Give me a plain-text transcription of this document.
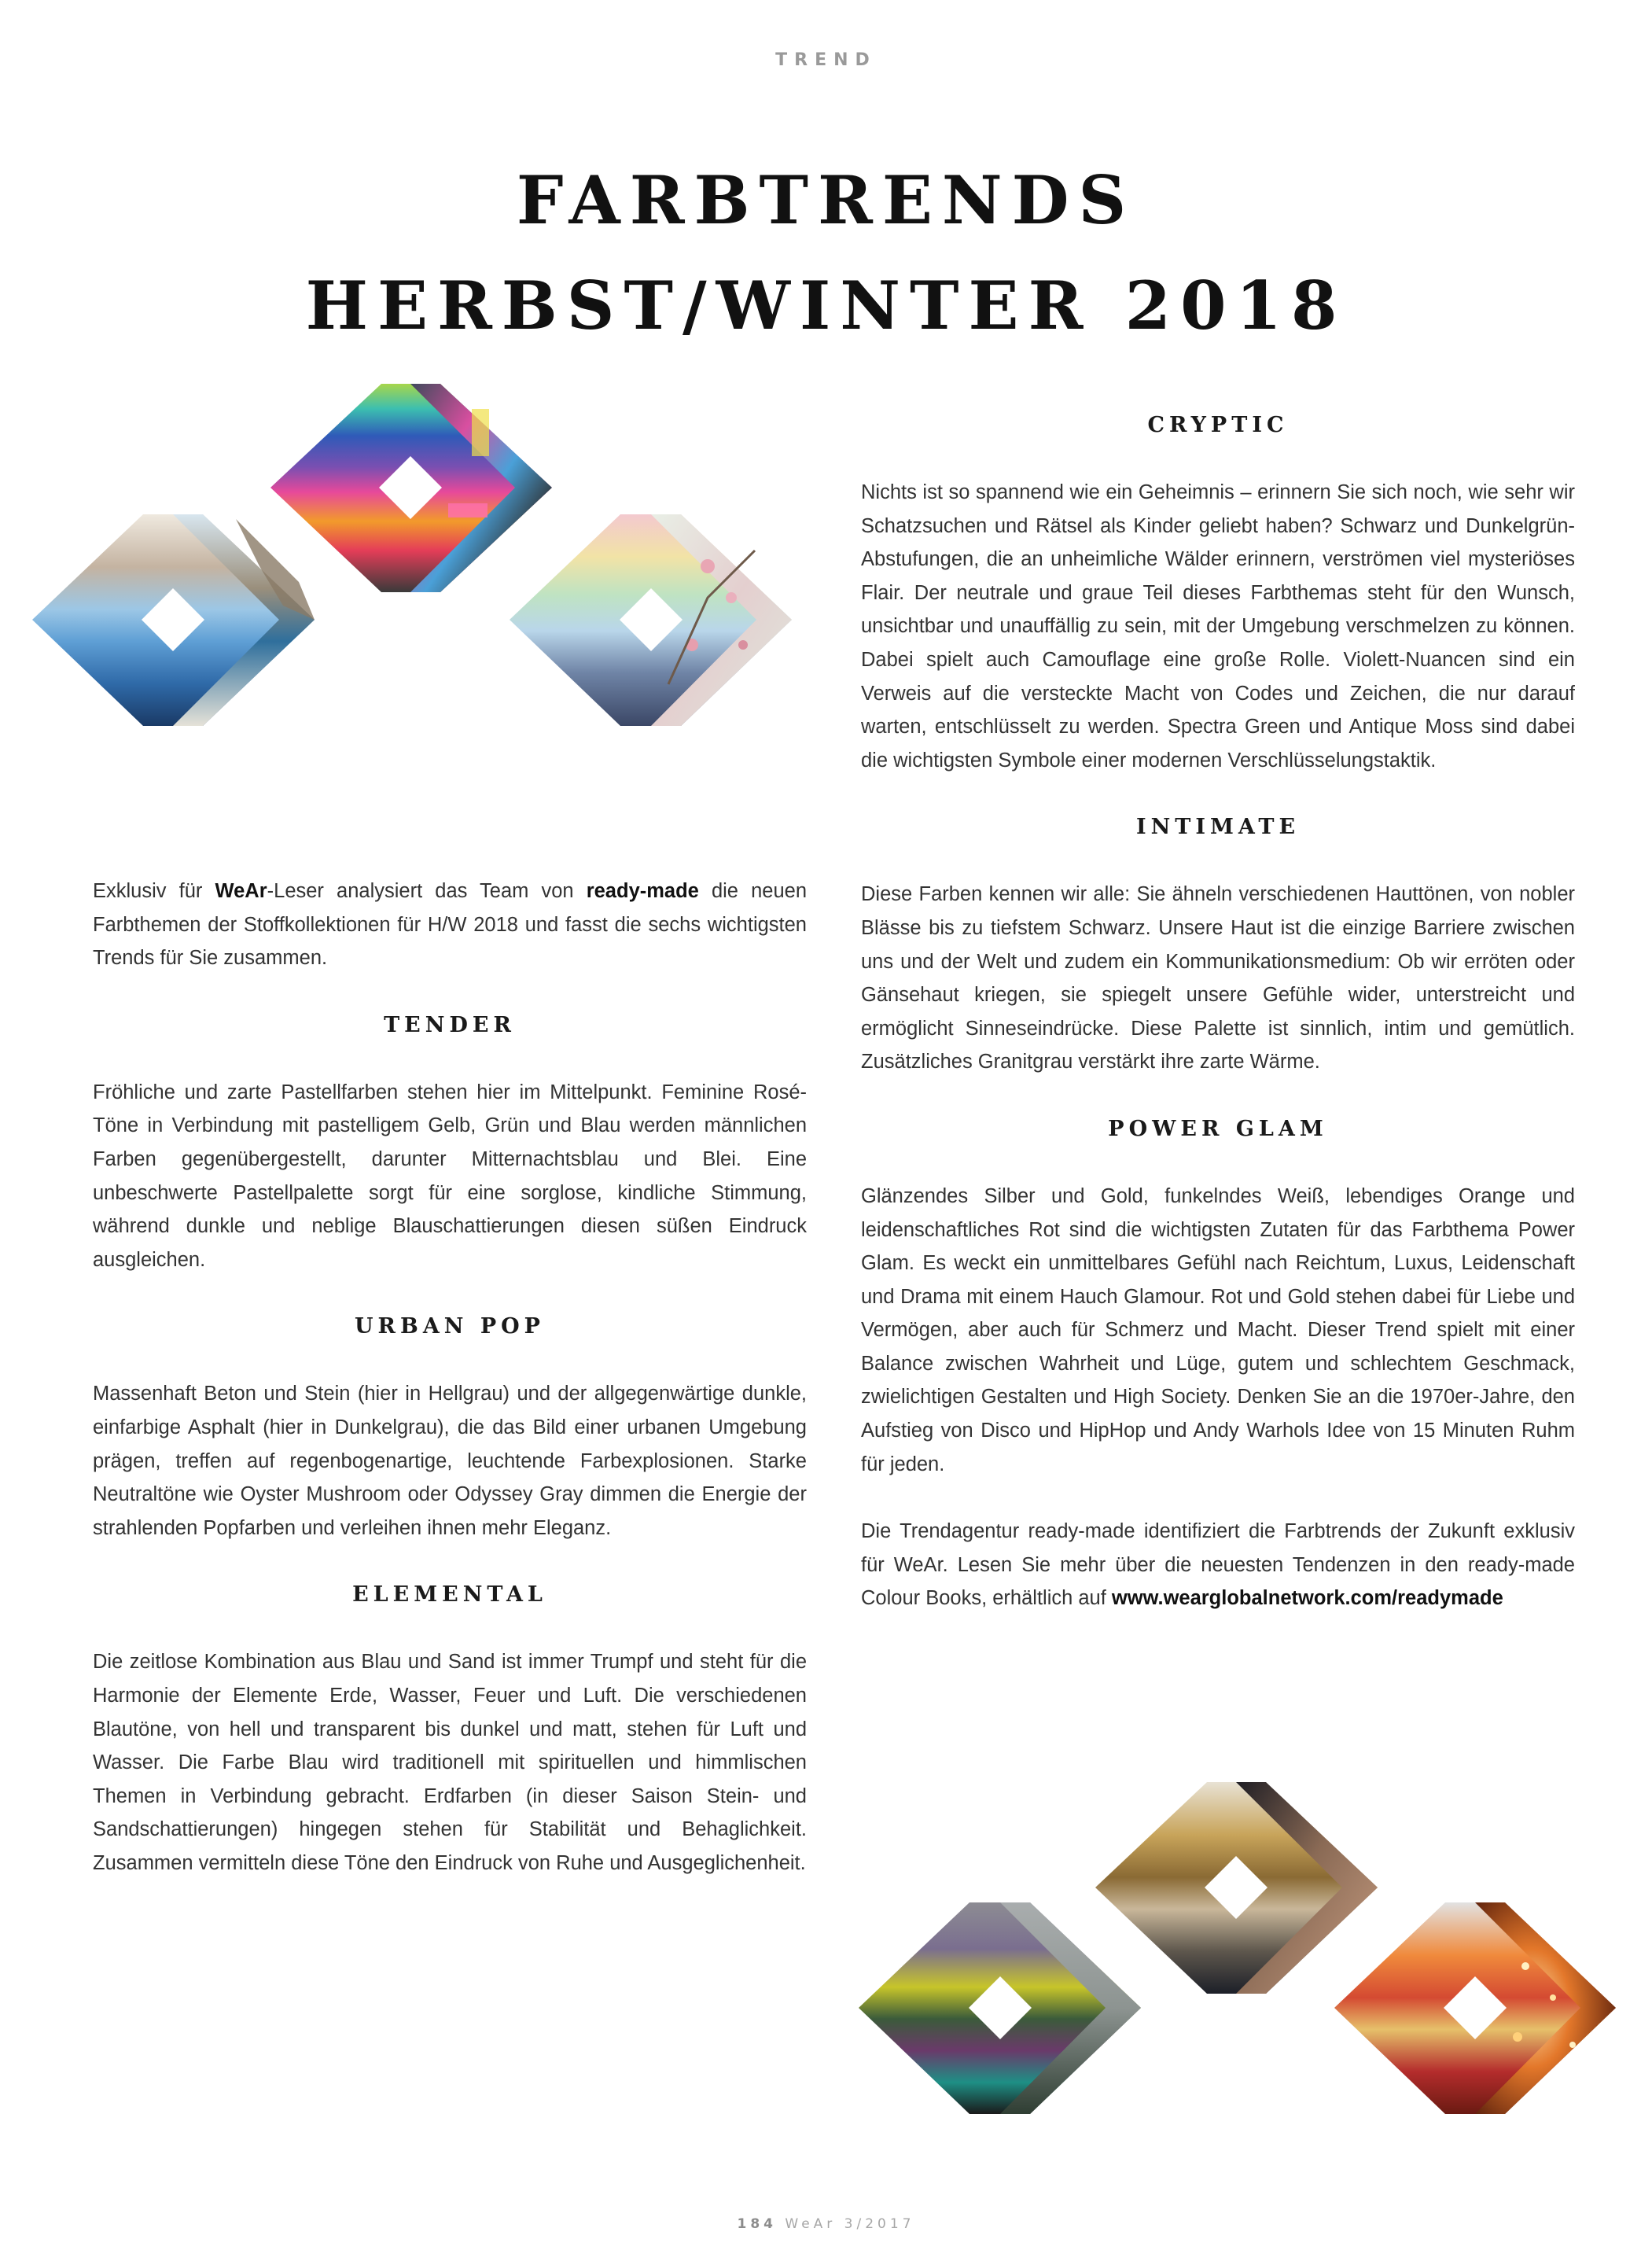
TREND
FARBTRENDS
HERBST/WINTER 2018

Exklusiv für WeAr-Leser analysiert das Team von ready-made die neuen Farbthemen der Stoffkollektionen für H/W 2018 und fasst die sechs wichtigsten Trends für Sie zusammen.

TENDER

Fröhliche und zarte Pastellfarben stehen hier im Mittelpunkt. Feminine Rosé-Töne in Verbindung mit pastelligem Gelb, Grün und Blau werden männlichen Farben gegenübergestellt, darunter Mitternachtsblau und Blei. Eine unbeschwerte Pastellpalette sorgt für eine sorglose, kindliche Stimmung, während dunkle und neblige Blauschattierungen diesen süßen Eindruck ausgleichen.

URBAN POP

Massenhaft Beton und Stein (hier in Hellgrau) und der allgegenwärtige dunkle, einfarbige Asphalt (hier in Dunkelgrau), die das Bild einer urbanen Umgebung prägen, treffen auf regenbogenartige, leuchtende Farbexplosionen. Starke Neutraltöne wie Oyster Mushroom oder Odyssey Gray dimmen die Energie der strahlenden Popfarben und verleihen ihnen mehr Eleganz.

ELEMENTAL

Die zeitlose Kombination aus Blau und Sand ist immer Trumpf und steht für die Harmonie der Elemente Erde, Wasser, Feuer und Luft. Die verschiedenen Blautöne, von hell und transparent bis dunkel und matt, stehen für Luft und Wasser. Die Farbe Blau wird traditionell mit spirituellen und himmlischen Themen in Verbindung gebracht. Erdfarben (in dieser Saison Stein- und Sandschattierungen) hingegen stehen für Stabilität und Behaglichkeit. Zusammen vermitteln diese Töne den Eindruck von Ruhe und Ausgeglichenheit.

CRYPTIC

Nichts ist so spannend wie ein Geheimnis – erinnern Sie sich noch, wie sehr wir Schatzsuchen und Rätsel als Kinder geliebt haben? Schwarz und Dunkelgrün-Abstufungen, die an unheimliche Wälder erinnern, verströmen viel mysteriöses Flair. Der neutrale und graue Teil dieses Farbthemas steht für den Wunsch, unsichtbar und unauffällig zu sein, mit der Umgebung verschmelzen zu können. Dabei spielt auch Camouflage eine große Rolle. Violett-Nuancen sind ein Verweis auf die versteckte Macht von Codes und Zeichen, die nur darauf warten, entschlüsselt zu werden. Spectra Green und Antique Moss sind dabei die wichtigsten Symbole einer modernen Verschlüsselungstaktik.

INTIMATE

Diese Farben kennen wir alle: Sie ähneln verschiedenen Hauttönen, von nobler Blässe bis zu tiefstem Schwarz. Unsere Haut ist die einzige Barriere zwischen uns und der Welt und zudem ein Kommunikationsmedium: Ob wir erröten oder Gänsehaut kriegen, sie spiegelt unsere Gefühle wider, unterstreicht und ermöglicht Sinneseindrücke. Diese Palette ist sinnlich, intim und gemütlich. Zusätzliches Granitgrau verstärkt ihre zarte Wärme.

POWER GLAM

Glänzendes Silber und Gold, funkelndes Weiß, lebendiges Orange und leidenschaftliches Rot sind die wichtigsten Zutaten für das Farbthema Power Glam. Es weckt ein unmittelbares Gefühl nach Reichtum, Luxus, Leidenschaft und Drama mit einem Hauch Glamour. Rot und Gold stehen dabei für Liebe und Vermögen, aber auch für Schmerz und Macht. Dieser Trend spielt mit einer Balance zwischen Wahrheit und Lüge, gutem und schlechtem Geschmack, zwielichtigen Gestalten und High Society. Denken Sie an die 1970er-Jahre, den Aufstieg von Disco und HipHop und Andy Warhols Idee von 15 Minuten Ruhm für jeden.

Die Trendagentur ready-made identifiziert die Farbtrends der Zukunft exklusiv für WeAr. Lesen Sie mehr über die neuesten Tendenzen in den ready-made Colour Books, erhältlich auf www.wearglobalnetwork.com/readymade

184 WeAr 3/2017
